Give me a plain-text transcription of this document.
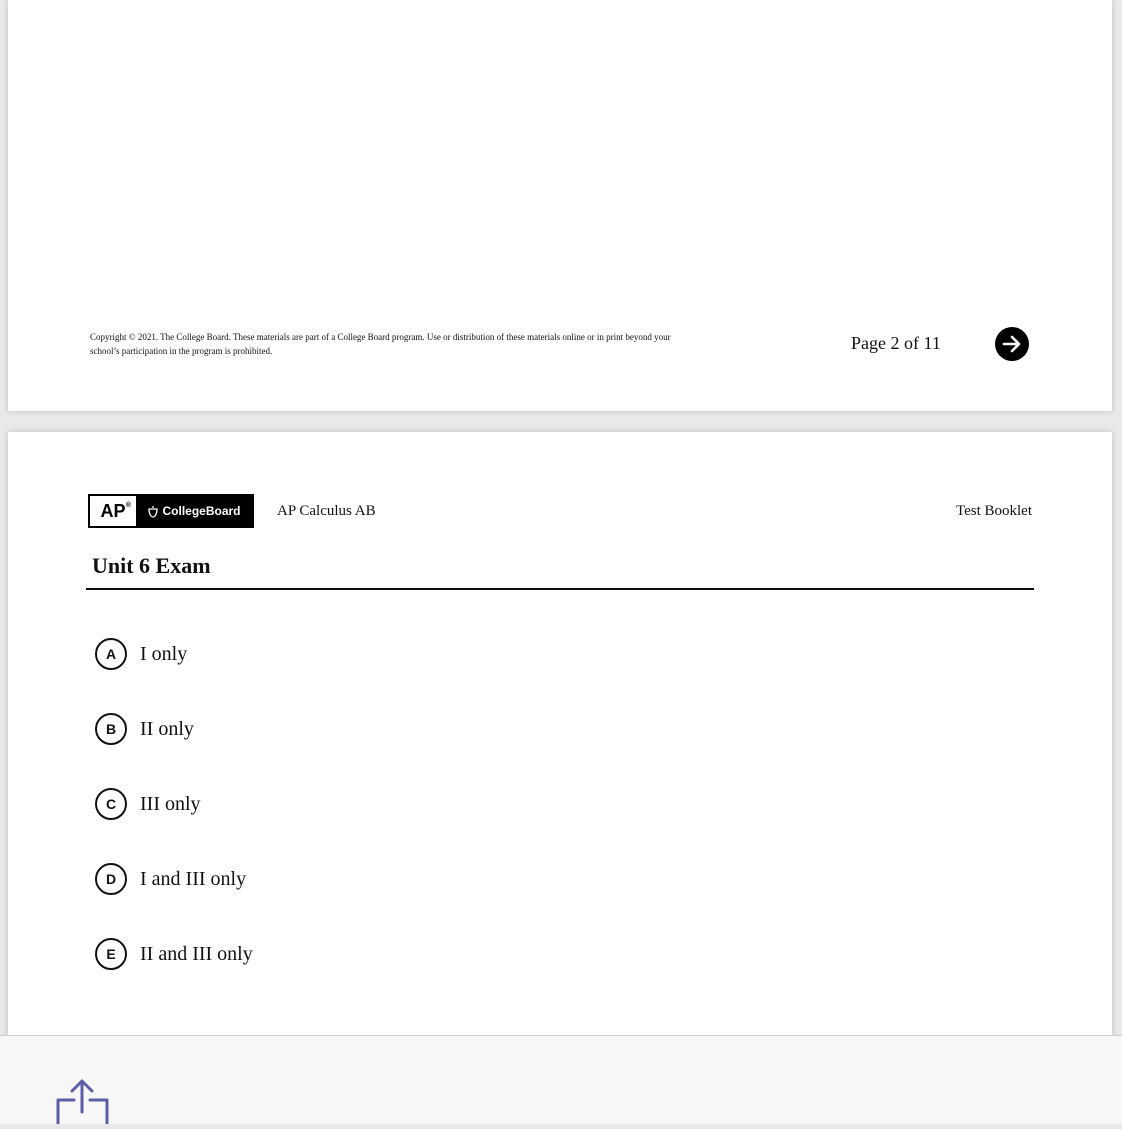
Copyright © 2021. The College Board. These materials are part of a College Board program. Use or distribution of these materials online or in print beyond your
school’s participation in the program is prohibited.	Page 2 of 11
AP®	CollegeBoard AP Calculus AB	Test Booklet
Unit 6 Exam
A	I only
B	II only
C	III only
D	I and III only
E	II and III only
